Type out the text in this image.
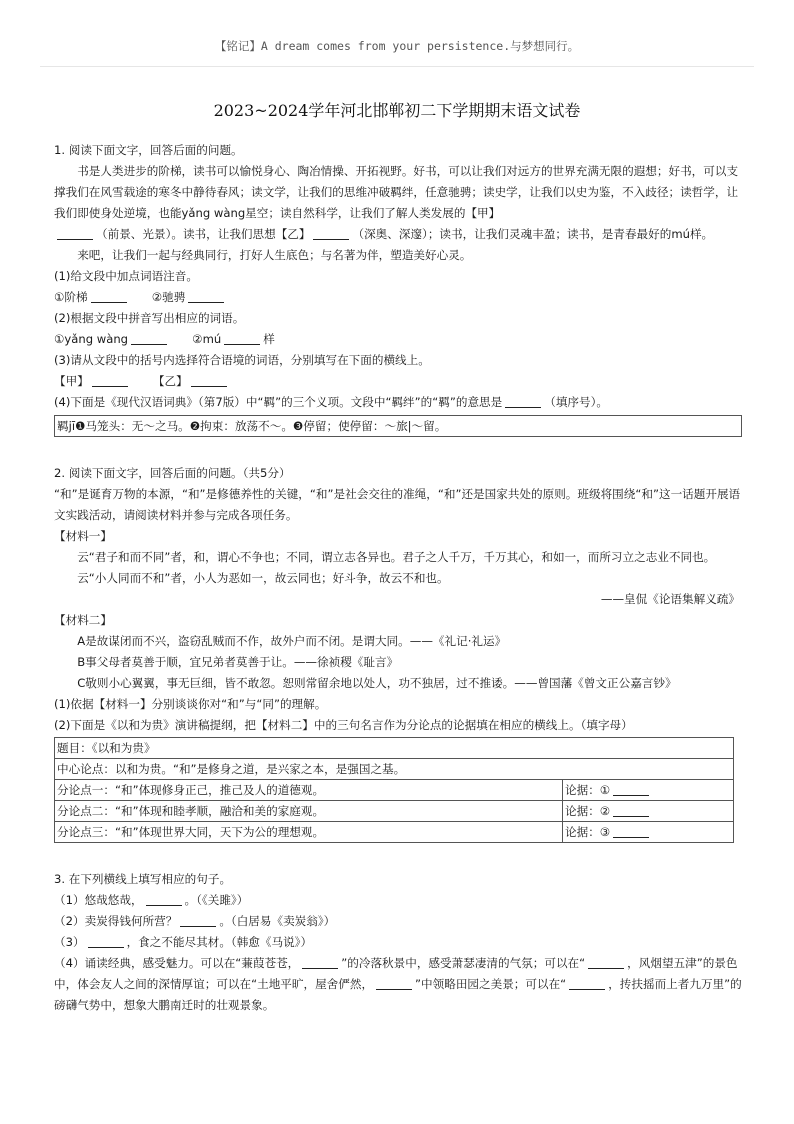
【铭记】A dream comes from your persistence.与梦想同行。
2023~2024学年河北邯郸初二下学期期末语文试卷

1. 阅读下面文字，回答后面的问题。

书是人类进步的阶梯，读书可以愉悦身心、陶冶情操、开拓视野。好书，可以让我们对远方的世界充满无限的遐想；好书，可以支撑我们在风雪载途的寒冬中静待春风；读文学，让我们的思维冲破羁绊，任意驰骋；读史学，让我们以史为鉴，不入歧径；读哲学，让我们即使身处逆境，也能yǎng wàng星空；读自然科学，让我们了解人类发展的【甲】
（前景、光景）。读书，让我们思想【乙】	（深奥、深邃）；读书，让我们灵魂丰盈；读书，是青春最好的mú样。

来吧，让我们一起与经典同行，打好人生底色；与名著为伴，塑造美好心灵。

(1)给文段中加点词语注音。

①阶梯	②驰骋

(2)根据文段中拼音写出相应的词语。

①yǎng wàng	②mú	样

(3)请从文段中的括号内选择符合语境的词语，分别填写在下面的横线上。

【甲】	【乙】

(4)下面是《现代汉语词典》（第7版）中“羁”的三个义项。文段中“羁绊”的“羁”的意思是	（填序号）。

羁jī❶马笼头：无～之马。❷拘束：放荡不～。❸停留；使停留：～旅|～留。

2. 阅读下面文字，回答后面的问题。（共5分）

“和”是诞育万物的本源，“和”是修德养性的关键，“和”是社会交往的准绳，“和”还是国家共处的原则。班级将围绕“和”这一话题开展语文实践活动，请阅读材料并参与完成各项任务。

【材料一】

云“君子和而不同”者，和，谓心不争也；不同，谓立志各异也。君子之人千万，千万其心，和如一，而所习立之志业不同也。

云“小人同而不和”者，小人为恶如一，故云同也；好斗争，故云不和也。

——皇侃《论语集解义疏》

【材料二】

A是故谋闭而不兴，盗窃乱贼而不作，故外户而不闭。是谓大同。——《礼记·礼运》

B事父母者莫善于顺，宜兄弟者莫善于让。——徐祯稷《耻言》

C敬则小心翼翼，事无巨细，皆不敢忽。恕则常留余地以处人，功不独居，过不推诿。——曾国藩《曾文正公嘉言钞》

(1)依据【材料一】分别谈谈你对“和”与“同”的理解。

(2)下面是《以和为贵》演讲稿提纲，把【材料二】中的三句名言作为分论点的论据填在相应的横线上。（填字母）

题目：《以和为贵》	
中心论点：以和为贵。“和”是修身之道，是兴家之本，是强国之基。	
分论点一：“和”体现修身正己，推己及人的道德观。	论据：①
分论点二：“和”体现和睦孝顺，融洽和美的家庭观。	论据：②
分论点三：“和”体现世界大同，天下为公的理想观。	论据：③

3. 在下列横线上填写相应的句子。

（1）悠哉悠哉，	。（《关雎》）

（2）卖炭得钱何所营？	。（白居易《卖炭翁》）

（3）	，食之不能尽其材。（韩愈《马说》）

（4）诵读经典，感受魅力。可以在“蒹葭苍苍，	”的冷落秋景中，感受萧瑟凄清的气氛；可以在“	，风烟望五津”的景色中，体会友人之间的深情厚谊；可以在“土地平旷，屋舍俨然，	”中领略田园之美景；可以在“	，抟扶摇而上者九万里”的磅礴气势中，想象大鹏南迁时的壮观景象。
